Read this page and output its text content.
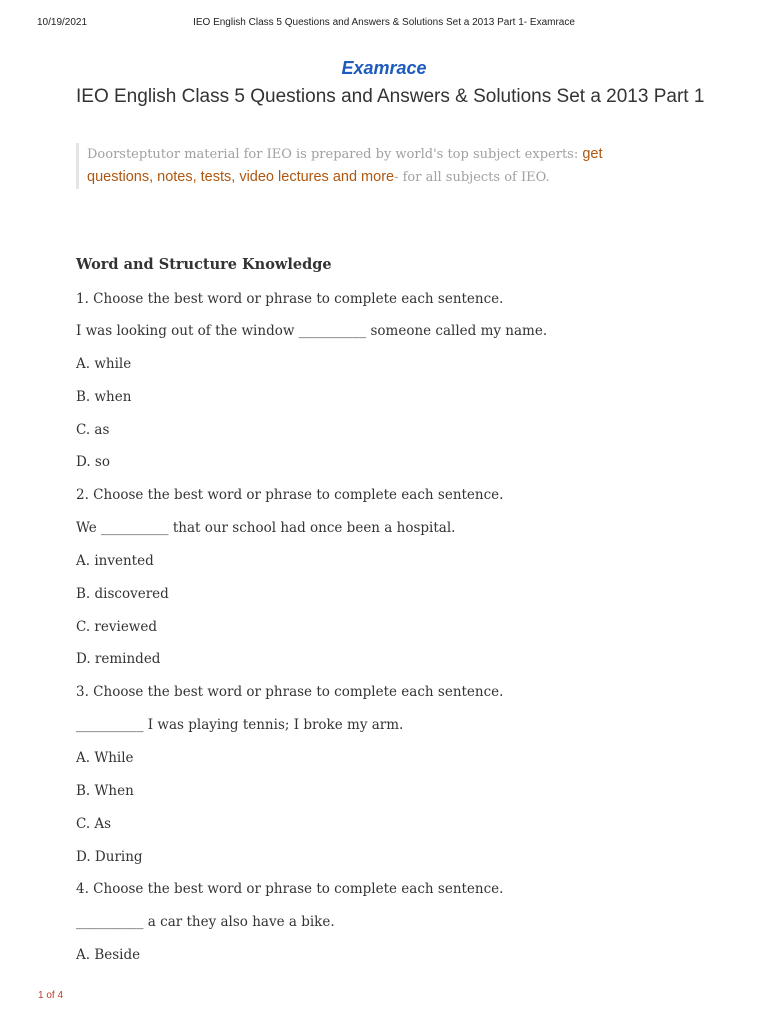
10/19/2021	IEO English Class 5 Questions and Answers & Solutions Set a 2013 Part 1- Examrace
Examrace
IEO English Class 5 Questions and Answers & Solutions Set a 2013 Part 1
Doorsteptutor material for IEO is prepared by world's top subject experts: get questions, notes, tests, video lectures and more- for all subjects of IEO.
Word and Structure Knowledge
1. Choose the best word or phrase to complete each sentence.
I was looking out of the window __________ someone called my name.
A. while
B. when
C. as
D. so
2. Choose the best word or phrase to complete each sentence.
We __________ that our school had once been a hospital.
A. invented
B. discovered
C. reviewed
D. reminded
3. Choose the best word or phrase to complete each sentence.
__________ I was playing tennis; I broke my arm.
A. While
B. When
C. As
D. During
4. Choose the best word or phrase to complete each sentence.
__________ a car they also have a bike.
A. Beside
1 of 4
